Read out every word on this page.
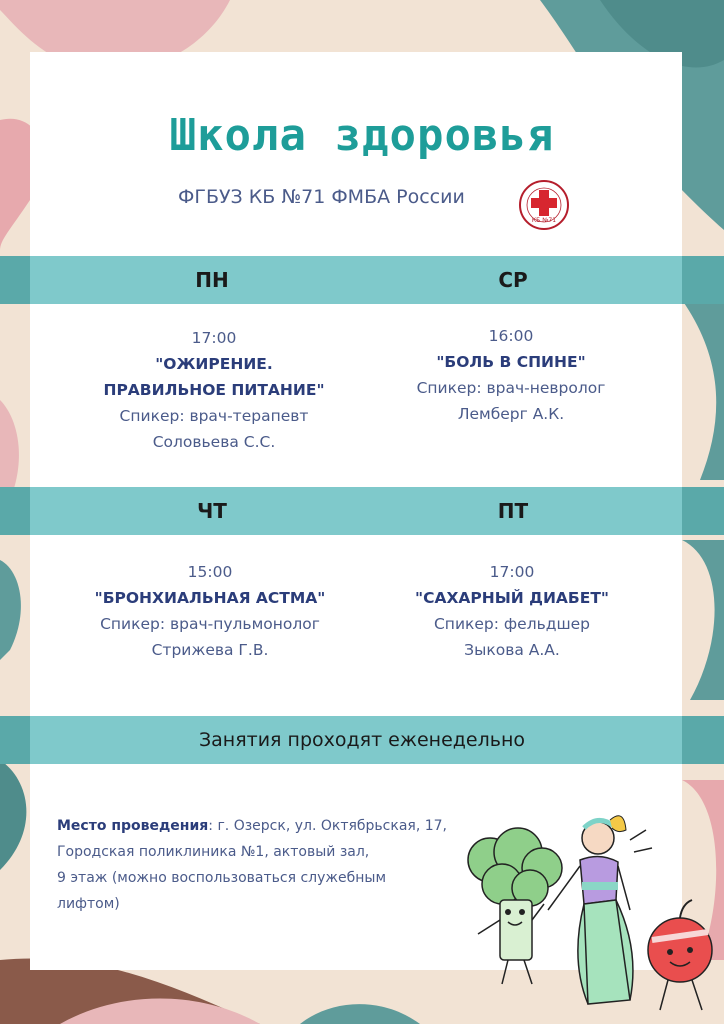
Школа здоровья
ФГБУЗ КБ №71 ФМБА России
КБ №71
ПН	СР
17:00
"ОЖИРЕНИЕ.
ПРАВИЛЬНОЕ ПИТАНИЕ"
Спикер: врач-терапевт
Соловьева С.С.
16:00
"БОЛЬ В СПИНЕ"
Спикер: врач-невролог
Лемберг А.К.
ЧТ	ПТ
15:00
"БРОНХИАЛЬНАЯ АСТМА"
Спикер: врач-пульмонолог
Стрижева Г.В.
17:00
"САХАРНЫЙ ДИАБЕТ"
Спикер: фельдшер
Зыкова А.А.
Занятия проходят еженедельно
Место проведения: г. Озерск, ул. Октябрьская, 17,
Городская поликлиника №1, актовый зал,
9 этаж (можно воспользоваться служебным
лифтом)
